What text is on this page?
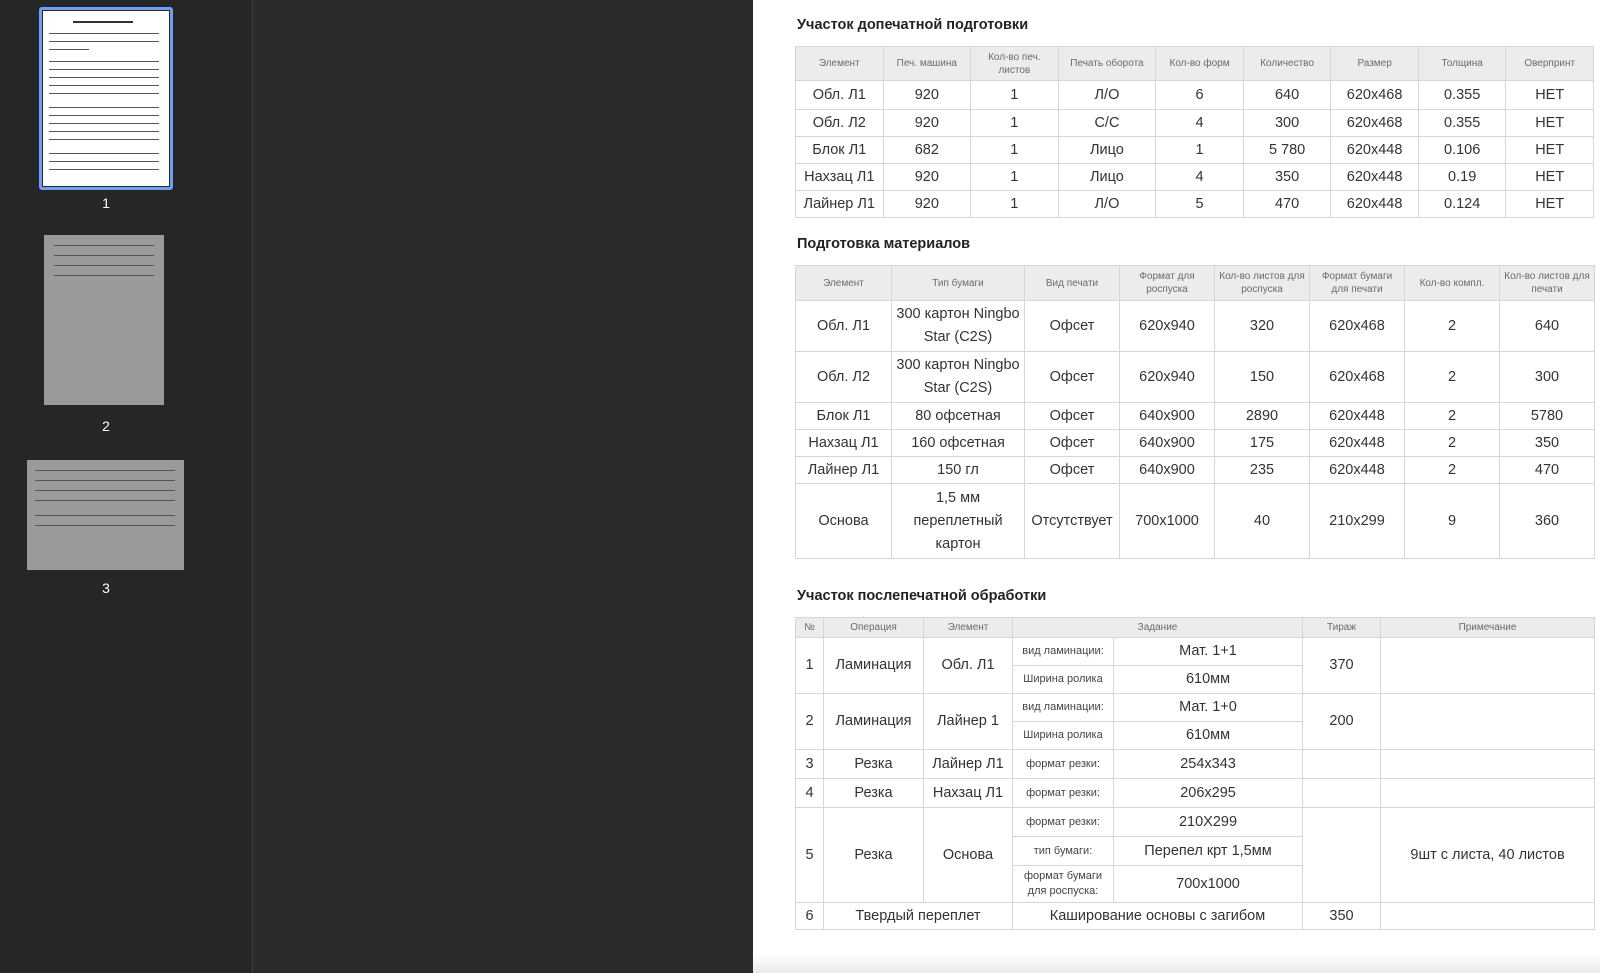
1
2
3
Участок допечатной подготовки
Элемент	Печ. машина	Кол-во печ. листов	Печать оборота	Кол-во форм	Количество	Размер	Толщина	Оверпринт
Обл. Л1	920	1	Л/О	6	640	620x468	0.355	НЕТ
Обл. Л2	920	1	С/С	4	300	620x468	0.355	НЕТ
Блок Л1	682	1	Лицо	1	5 780	620x448	0.106	НЕТ
Нахзац Л1	920	1	Лицо	4	350	620x448	0.19	НЕТ
Лайнер Л1	920	1	Л/О	5	470	620x448	0.124	НЕТ
Подготовка материалов
Элемент	Тип бумаги	Вид печати	Формат для роспуска	Кол-во листов для роспуска	Формат бумаги для печати	Кол-во компл.	Кол-во листов для печати
Обл. Л1	300 картон Ningbo Star (C2S)	Офсет	620x940	320	620x468	2	640
Обл. Л2	300 картон Ningbo Star (C2S)	Офсет	620x940	150	620x468	2	300
Блок Л1	80 офсетная	Офсет	640x900	2890	620x448	2	5780
Нахзац Л1	160 офсетная	Офсет	640x900	175	620x448	2	350
Лайнер Л1	150 гл	Офсет	640x900	235	620x448	2	470
Основа	1,5 мм переплетный картон	Отсутствует	700x1000	40	210x299	9	360
Участок послепечатной обработки
№	Операция	Элемент	Задание		Тираж	Примечание
1	Ламинация	Обл. Л1	вид ламинации:	Мат. 1+1	370	
			Ширина ролика	610мм		
2	Ламинация	Лайнер 1	вид ламинации:	Мат. 1+0	200	
			Ширина ролика	610мм		
3	Резка	Лайнер Л1	формат резки:	254x343		
4	Резка	Нахзац Л1	формат резки:	206x295		
5	Резка	Основа	формат резки:	210X299		9шт с листа, 40 листов
			тип бумаги:	Перепел крт 1,5мм		
			формат бумаги для роспуска:	700x1000		
6	Твердый переплет		Каширование основы с загибом		350	
